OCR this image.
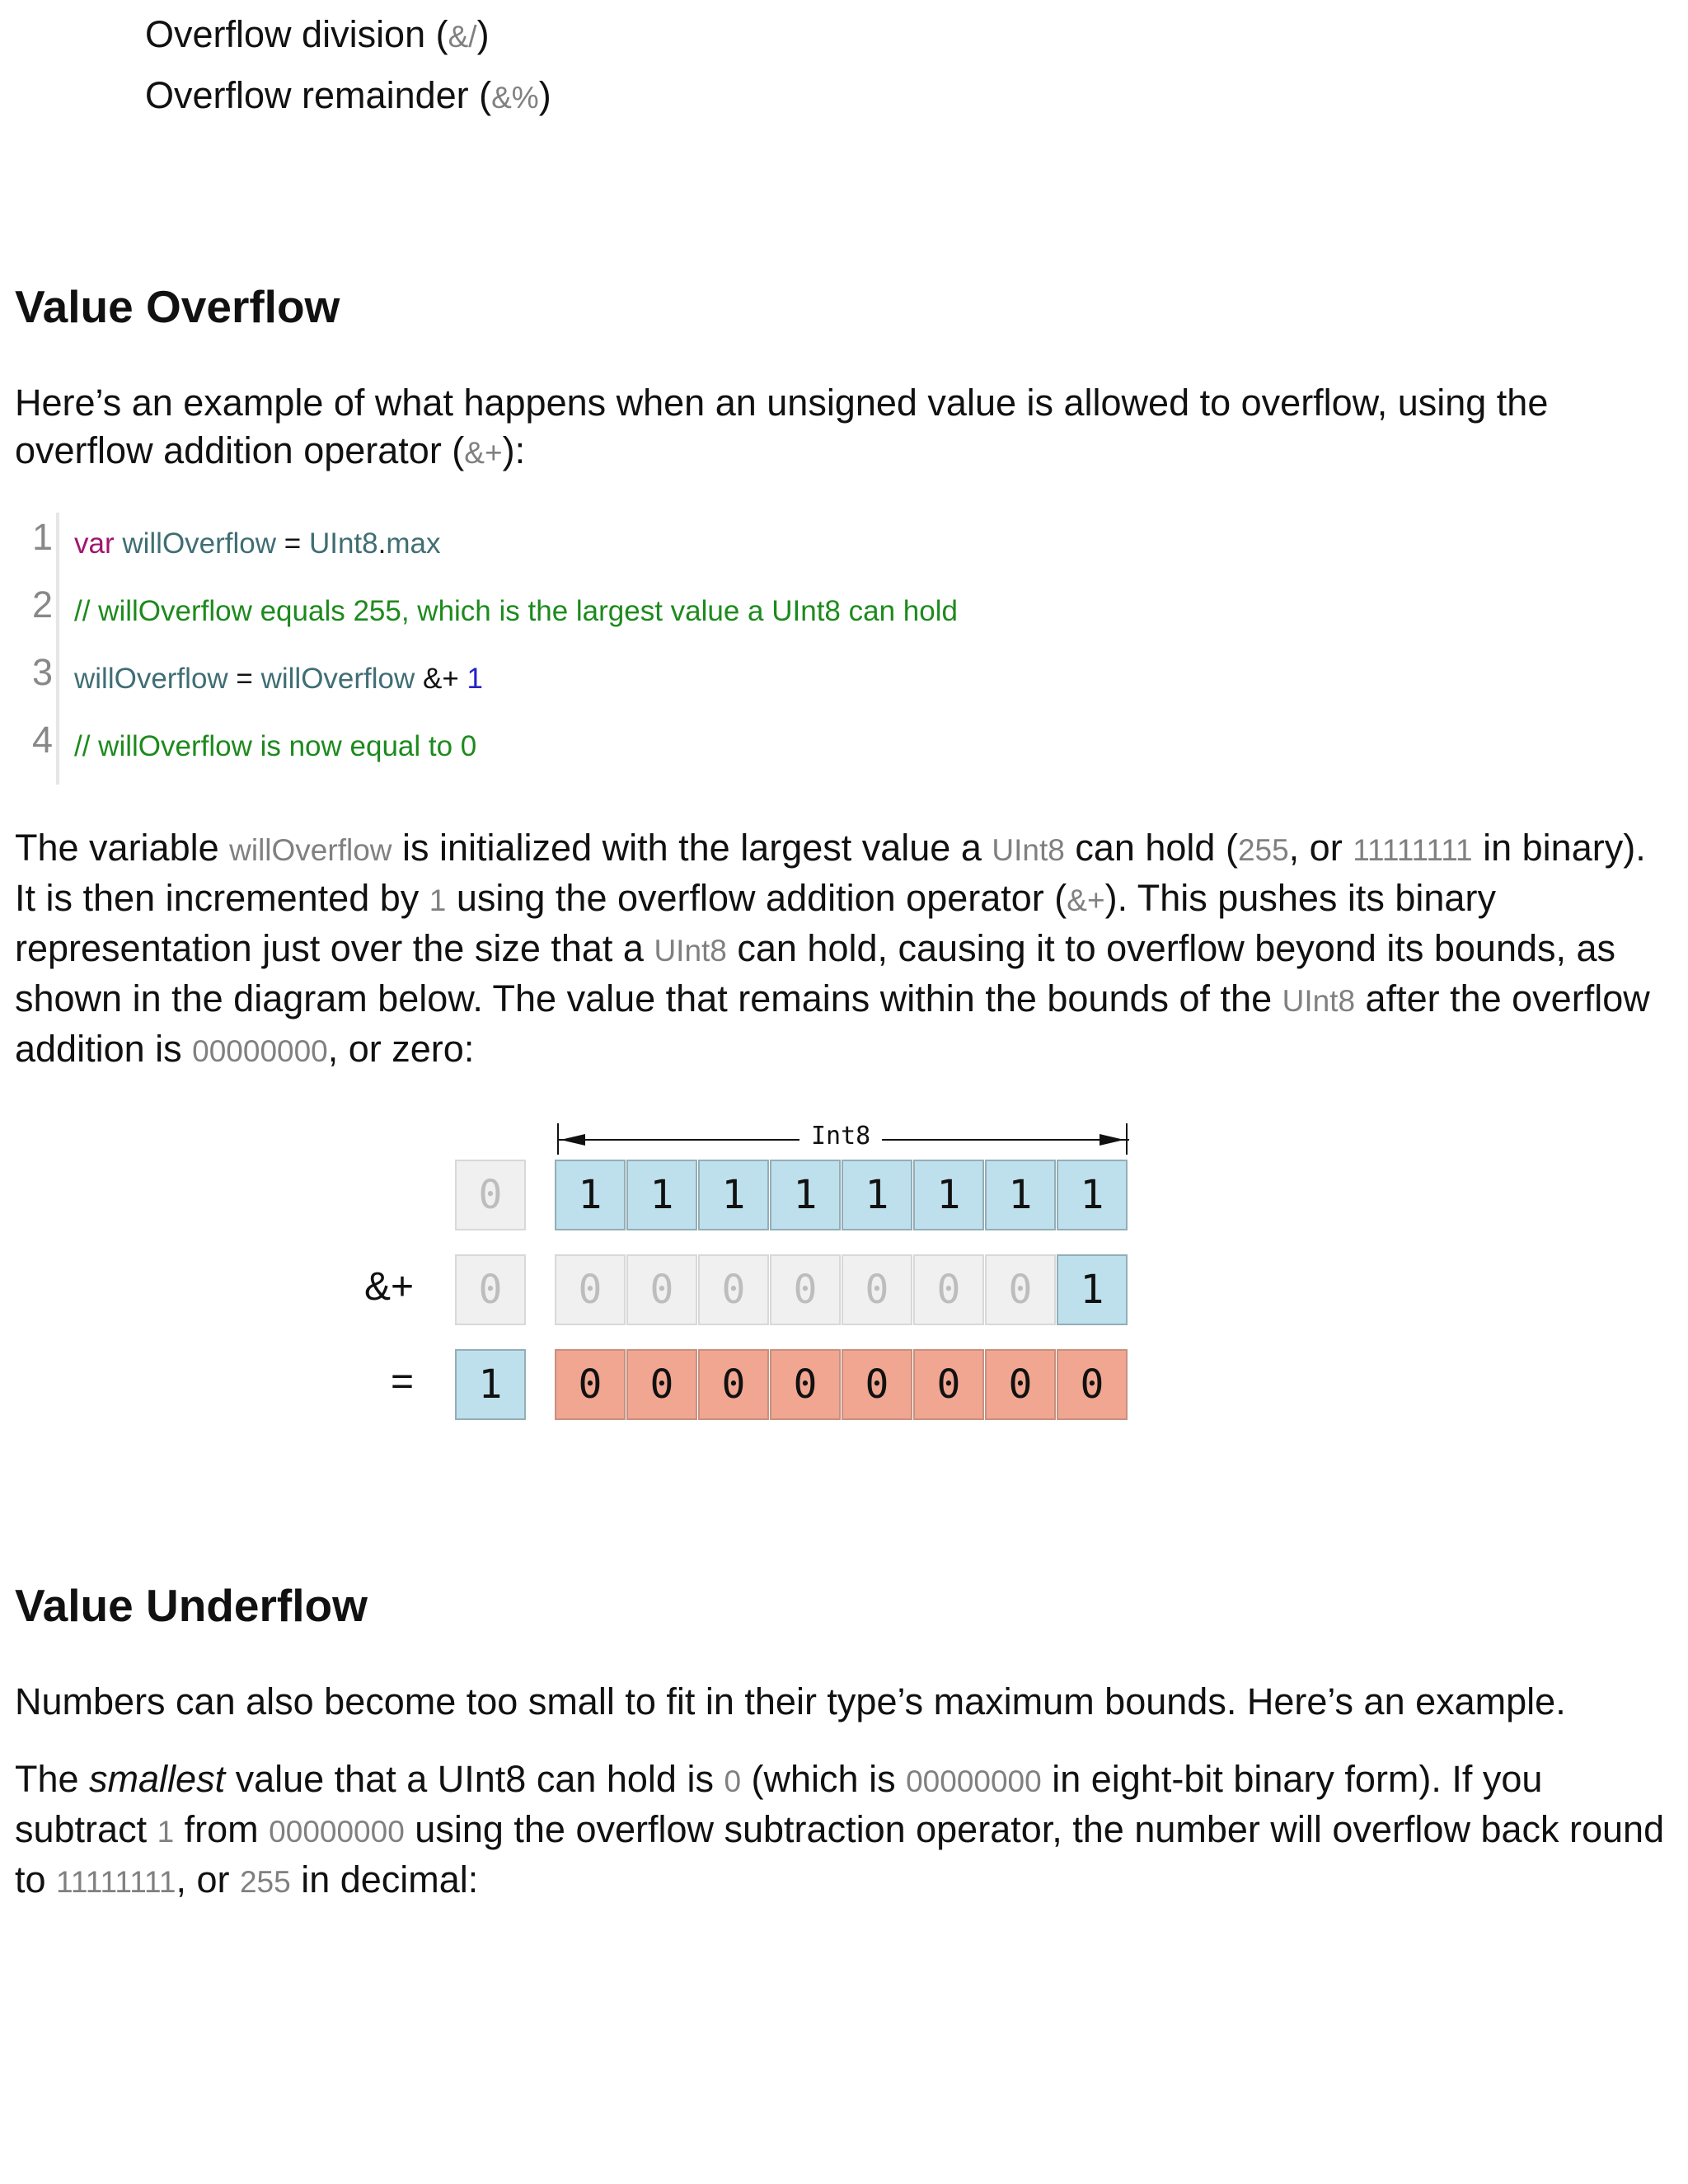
Overflow division (&/)
Overflow remainder (&%)
Value Overflow

Here’s an example of what happens when an unsigned value is allowed to overflow, using the overflow addition operator (&+):

1 var willOverflow = UInt8.max
2 // willOverflow equals 255, which is the largest value a UInt8 can hold
3 willOverflow = willOverflow &+ 1
4 // willOverflow is now equal to 0

The variable willOverflow is initialized with the largest value a UInt8 can hold (255, or 11111111 in binary). It is then incremented by 1 using the overflow addition operator (&+). This pushes its binary representation just over the size that a UInt8 can hold, causing it to overflow beyond its bounds, as shown in the diagram below. The value that remains within the bounds of the UInt8 after the overflow addition is 00000000, or zero:

Int8
0	1	1	1	1	1	1	1	1
&+	0	0	0	0	0	0	0	0	1
=	1	0	0	0	0	0	0	0	0
Value Underflow

Numbers can also become too small to fit in their type’s maximum bounds. Here’s an example.

The smallest value that a UInt8 can hold is 0 (which is 00000000 in eight-bit binary form). If you subtract 1 from 00000000 using the overflow subtraction operator, the number will overflow back round to 11111111, or 255 in decimal:
